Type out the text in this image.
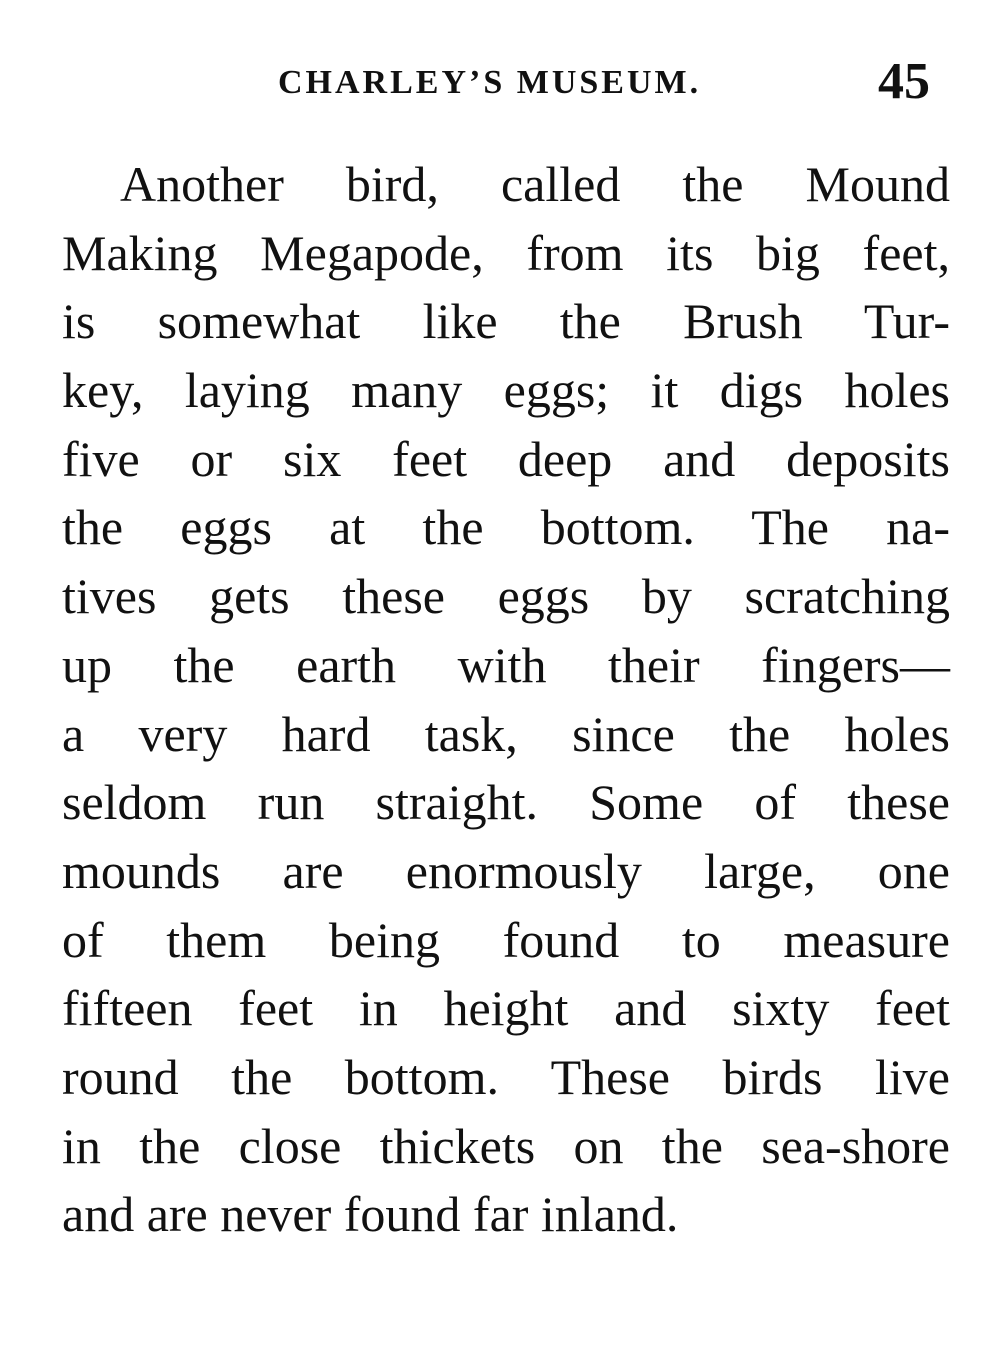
CHARLEY’S MUSEUM.	45
Another bird, called the Mound
Making Megapode, from its big feet,
is somewhat like the Brush Tur-
key, laying many eggs; it digs holes
five or six feet deep and deposits
the eggs at the bottom. The na-
tives gets these eggs by scratching
up the earth with their fingers—
a very hard task, since the holes
seldom run straight. Some of these
mounds are enormously large, one
of them being found to measure
fifteen feet in height and sixty feet
round the bottom. These birds live
in the close thickets on the sea-shore
and are never found far inland.
